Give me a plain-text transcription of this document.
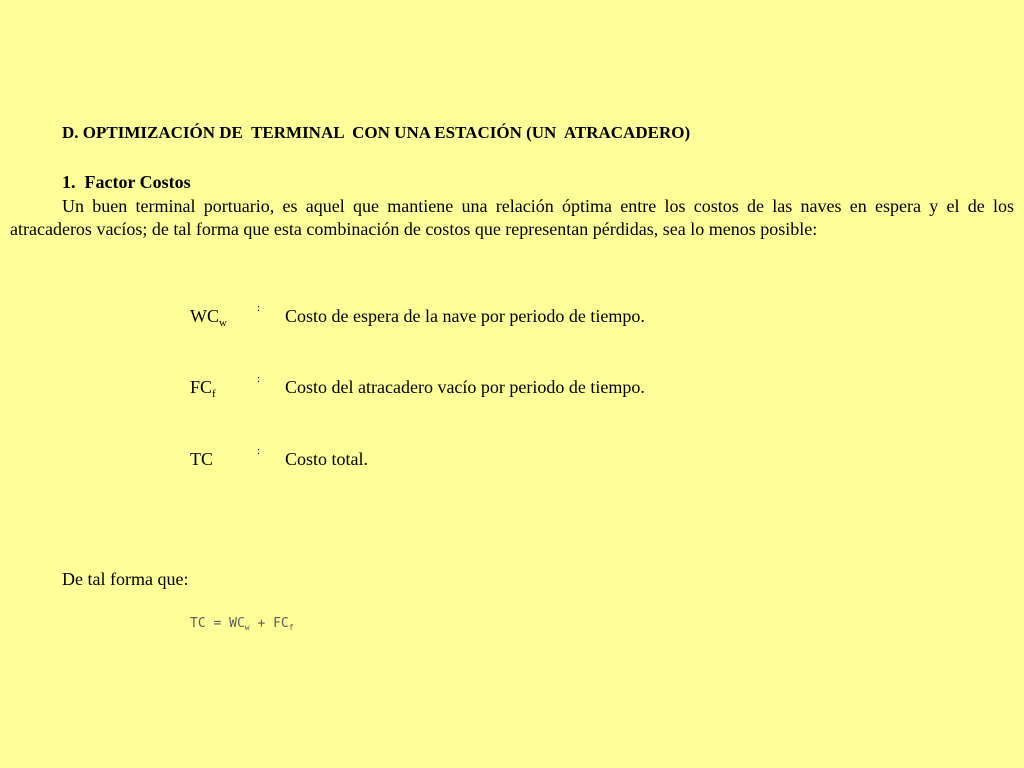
D. OPTIMIZACIÓN DE  TERMINAL  CON UNA ESTACIÓN (UN  ATRACADERO)
1.  Factor Costos

Un buen terminal portuario, es aquel que mantiene una relación óptima entre los costos de las naves en espera y el de los atracaderos vacíos; de tal forma que esta combinación de costos que representan pérdidas, sea lo menos posible:

$WC_w$
: Costo de espera de la nave por periodo de tiempo.
$FC_f$
: Costo del atracadero vacío por periodo de tiempo.
TC	: Costo total.
De tal forma que:
TC = $WC_w + FC_f$
